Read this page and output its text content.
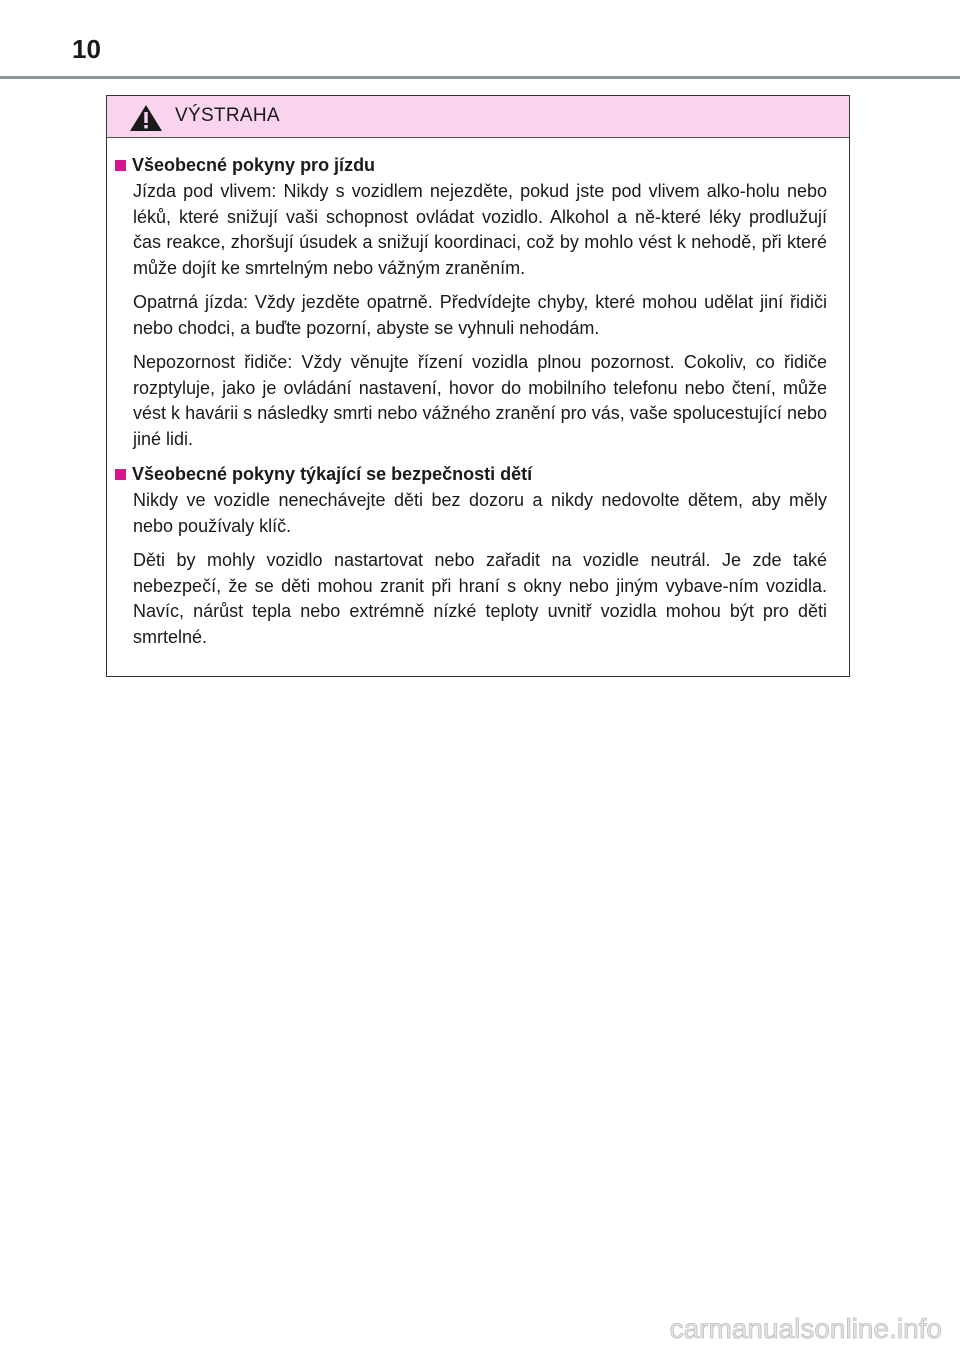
10
VÝSTRAHA
Všeobecné pokyny pro jízdu

Jízda pod vlivem: Nikdy s vozidlem nejezděte, pokud jste pod vlivem alko-holu nebo léků, které snižují vaši schopnost ovládat vozidlo. Alkohol a ně-které léky prodlužují čas reakce, zhoršují úsudek a snižují koordinaci, což by mohlo vést k nehodě, při které může dojít ke smrtelným nebo vážným zraněním.

Opatrná jízda: Vždy jezděte opatrně. Předvídejte chyby, které mohou udělat jiní řidiči nebo chodci, a buďte pozorní, abyste se vyhnuli nehodám.

Nepozornost řidiče: Vždy věnujte řízení vozidla plnou pozornost. Cokoliv, co řidiče rozptyluje, jako je ovládání nastavení, hovor do mobilního telefonu nebo čtení, může vést k havárii s následky smrti nebo vážného zranění pro vás, vaše spolucestující nebo jiné lidi.

Všeobecné pokyny týkající se bezpečnosti dětí

Nikdy ve vozidle nenechávejte děti bez dozoru a nikdy nedovolte dětem, aby měly nebo používaly klíč.

Děti by mohly vozidlo nastartovat nebo zařadit na vozidle neutrál. Je zde také nebezpečí, že se děti mohou zranit při hraní s okny nebo jiným vybave-ním vozidla. Navíc, nárůst tepla nebo extrémně nízké teploty uvnitř vozidla mohou být pro děti smrtelné.

carmanualsonline.info
